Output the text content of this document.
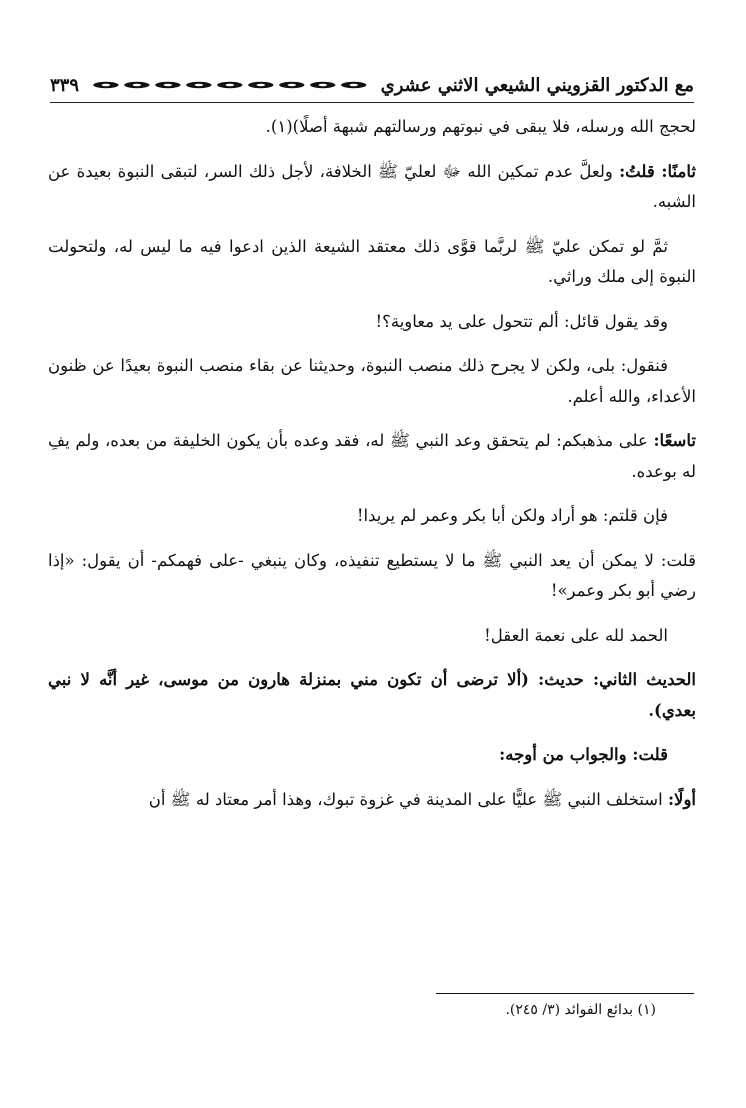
مع الدكتور القزويني الشيعي الاثني عشري
٣٣٩

لحجج الله ورسله، فلا يبقى في نبوتهم ورسالتهم شبهة أصلًا)(١).

ثامنًا: قلتُ: ولعلَّ عدم تمكين الله ﷻ لعليّ ﷺ الخلافة، لأجل ذلك السر، لتبقى النبوة بعيدة عن الشبه.

ثمَّ لو تمكن عليّ ﷺ لربَّما قوَّى ذلك معتقد الشيعة الذين ادعوا فيه ما ليس له، ولتحولت النبوة إلى ملك وراثي.

وقد يقول قائل: ألم تتحول على يد معاوية؟!

فنقول: بلى، ولكن لا يجرح ذلك منصب النبوة، وحديثنا عن بقاء منصب النبوة بعيدًا عن ظنون الأعداء، والله أعلم.

تاسعًا: على مذهبكم: لم يتحقق وعد النبي ﷺ له، فقد وعده بأن يكون الخليفة من بعده، ولم يفِ له بوعده.

فإن قلتم: هو أراد ولكن أبا بكر وعمر لم يريدا!

قلت: لا يمكن أن يعد النبي ﷺ ما لا يستطيع تنفيذه، وكان ينبغي -على فهمكم- أن يقول: «إذا رضي أبو بكر وعمر»!

الحمد لله على نعمة العقل!

الحديث الثاني: حديث: (ألا ترضى أن تكون مني بمنزلة هارون من موسى، غير أنَّه لا نبي بعدي).

قلت: والجواب من أوجه:

أولًا: استخلف النبي ﷺ عليًّا على المدينة في غزوة تبوك، وهذا أمر معتاد له ﷺ أن

(١) بدائع الفوائد (٣/ ٢٤٥).
